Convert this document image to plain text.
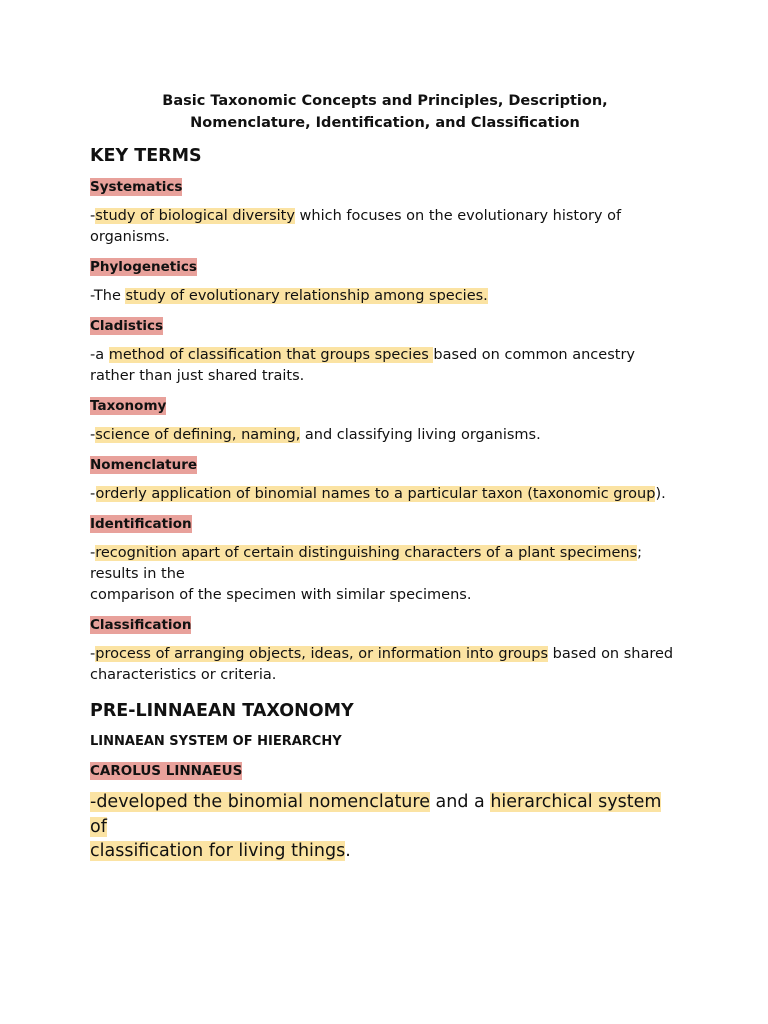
Basic Taxonomic Concepts and Principles, Description,
Nomenclature, Identification, and Classification
KEY TERMS
Systematics
-study of biological diversity which focuses on the evolutionary history of organisms.
Phylogenetics
-The study of evolutionary relationship among species.
Cladistics
-a method of classification that groups species based on common ancestry rather than just shared traits.
Taxonomy
-science of defining, naming, and classifying living organisms.
Nomenclature
-orderly application of binomial names to a particular taxon (taxonomic group).
Identification
-recognition apart of certain distinguishing characters of a plant specimens; results in the
comparison of the specimen with similar specimens.
Classification
-process of arranging objects, ideas, or information into groups based on shared characteristics or criteria.
PRE-LINNAEAN TAXONOMY
LINNAEAN SYSTEM OF HIERARCHY
CAROLUS LINNAEUS
-developed the binomial nomenclature and a hierarchical system of
classification for living things.
